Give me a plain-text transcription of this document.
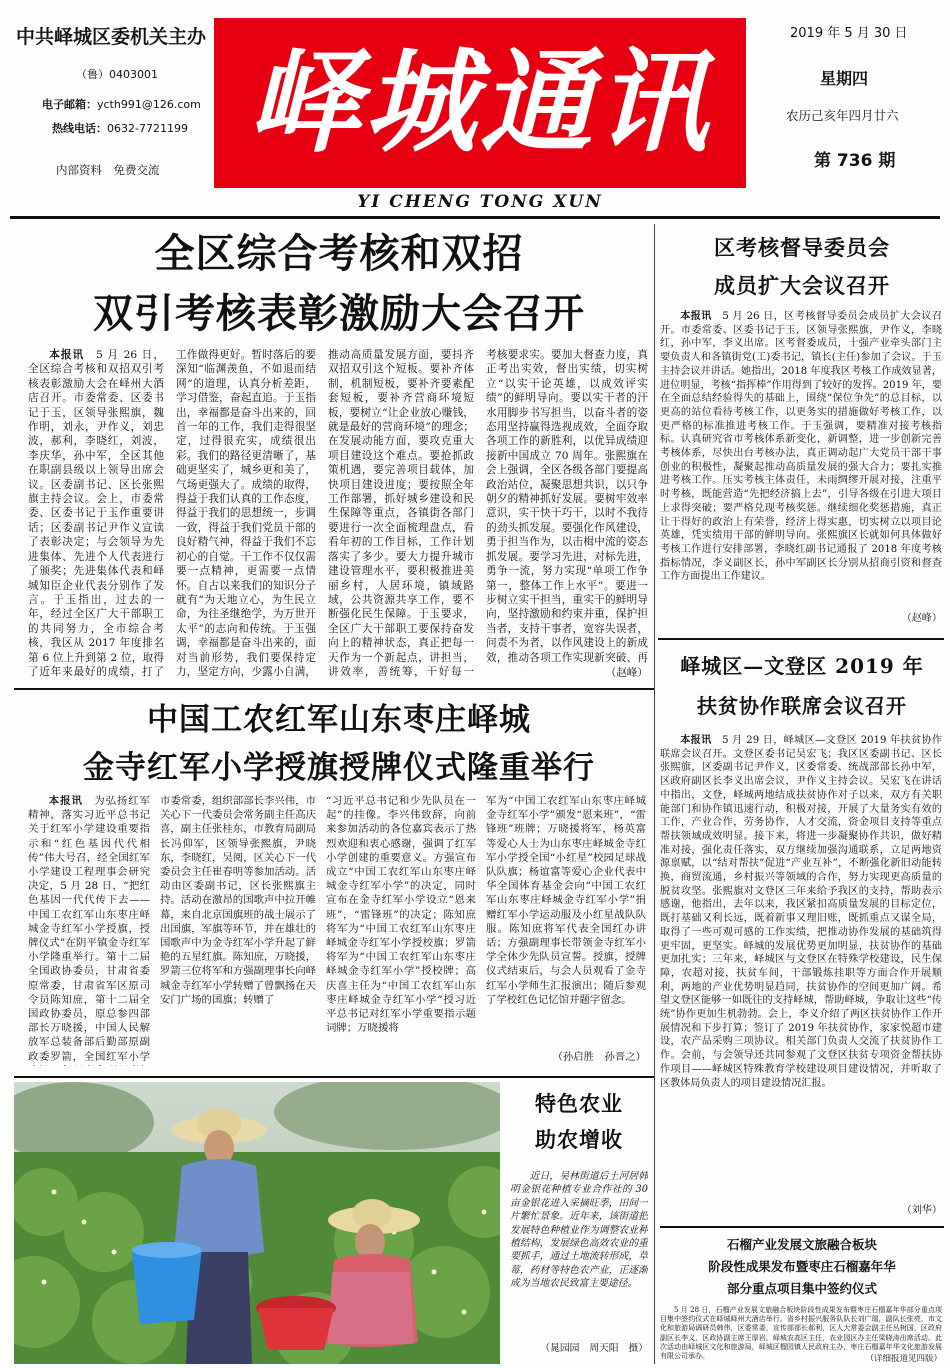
中共峄城区委机关主办
（鲁）0403001
电子邮箱：ycth991@126.com
热线电话：0632-7721199
内部资料　免费交流
峄城通讯
YI CHENG TONG XUN
2019 年 5 月 30 日
星期四
农历己亥年四月廿六
第 736 期
全区综合考核和双招
双引考核表彰激励大会召开

本报讯　 5 月 26 日，全区综合考核和双招双引考核表彰激励大会在峄州大酒店召开。市委常委、区委书记于玉，区领导张熙旗，魏作明，刘永，尹作义，刘忠波，郝利，李晓红，刘波，李庆华，孙中军，全区其他在职副县级以上领导出席会议。区委副书记、区长张熙旗主持会议。会上，市委常委、区委书记于玉作重要讲话；区委副书记尹作义宣读了表彰决定；与会领导为先进集体、先进个人代表进行了颁奖；先进集体代表和峄城知臣企业代表分别作了发言。于玉指出，过去的一年，经过全区广大干部职工的共同努力，全市综合考核，我区从 2017 年度排名第 6 位上升到第 2 位，取得了近年来最好的成绩，打了

工作做得更好。暂时落后的要深知“临渊羡鱼，不如退而结网”的道理，认真分析差距，学习借鉴，奋起直追。于玉指出，幸福都是奋斗出来的，回首一年的工作，我们走得很坚定，过得很充实，成绩很出彩。我们的路径更清晰了，基础更坚实了，城乡更和美了，气场更强大了。成绩的取得，得益于我们认真的工作态度，得益于我们的思想统一，步调一致，得益于我们党员干部的良好精气神，得益于我们不忘初心的自觉。干工作不仅仅需要一点精神，更需要一点情怀。自古以来我们的知识分子就有“为天地立心，为生民立命，为往圣继绝学，为万世开太平”的志向和传统。于玉强调，幸福都是奋斗出来的，面对当前形势，我们要保持定力，坚定方向，少露小自满，

推动高质量发展方面，要抖齐双招双引这个短板。要补齐体制，机制短板，要补齐要素配套短板，要补齐营商环境短板，要树立“让企业放心赚钱，就是最好的营商环境”的理念；在发展动能方面，要攻克重大项目建设这个难点。要抢抓政策机遇，要完善项目载体，加快项目建设进度；要按照全年工作部署，抓好城乡建设和民生保障等重点，各镇街各部门要进行一次全面梳理盘点，看看年初的工作目标，工作计划落实了多少。要大力提升城市建设管理水平，要积极推进美丽乡村，人居环境，镇域路域，公共资源共享工作，要不断强化民生保障。于玉要求，全区广大干部职工要保持奋发向上的精神状态，真正把每一天作为一个新起点，讲担当，讲效率，善统筹，干好每一

考核要求实。要加大督查力度，真正考出实效，督出实绩，切实树立“以实干论英雄，以成效评实绩”的鲜明导向。要以实干者的汗水用脚步书写担当，以奋斗者的姿态用坚持赢得选视成效，全面夺取各项工作的新胜利，以优异成绩迎接新中国成立 70 周年。张熙旗在会上强调，全区各级各部门要提高政治站位，凝聚思想共识，以只争朝夕的精神抓好发展。要树牢效率意识，实干快干巧干，以时不我待的劲头抓发展。要强化作风建设，勇于担当作为，以击楫中流的姿态抓发展。要学习先进，对标先进，勇争一流，努力实现“单项工作争第一，整体工作上水平”。要进一步树立实干担当，重实干的鲜明导向，坚持激励和约束并重，保护担当者，支持干事者，宽容失误者，问责不为者，以作风建设上的新成效，推动各项工作实现新突破、再

（赵峰）
区考核督导委员会
成员扩大会议召开

本报讯　 5 月 26 日，区考核督导委员会成员扩大会议召开。市委常委、区委书记于玉，区领导张熙旗，尹作义，李晓红，孙中军，李义出席。区考督委成员，十强产业牵头部门主要负责人和各镇街党(工)委书记，镇长(主任)参加了会议。于玉主持会议并讲话。她指出，2018 年度我区考核工作成效显著，进位明显，考核“指挥棒”作用得到了较好的发挥。2019 年，要在全面总结经验得失的基础上，围绕“保位争先”的总目标，以更高的站位看待考核工作，以更务实的措施做好考核工作，以更严格的标准推进考核工作。于玉强调，要精准对接考核指标。认真研究省市考核体系新变化，新调整，进一步创新完善考核体系，尽快出台考核办法，真正调动起广大党员干部干事创业的积极性，凝聚起推动高质量发展的强大合力；要扎实推进考核工作。压实考核主体责任，未雨绸缪开展对接，注重平时考核，既能营造“先把经济搞上去”，引导各级在引进大项目上求得突破；要严格兑现考核奖惩。继续细化奖惩措施，真正让干得好的政治上有荣誉，经济上得实惠，切实树立以项目论英雄，凭实绩用干部的鲜明导向。张熙旗区长就如何具体做好考核工作进行安排部署，李晓红副书记通报了 2018 年度考核指标情况，李义副区长，孙中军副区长分别从招商引资和督查工作方面提出工作建议。

（赵峰）
峄城区—文登区 2019 年
扶贫协作联席会议召开

本报讯　 5 月 29 日，峄城区—文登区 2019 年扶贫协作联席会议召开。文登区委书记吴宏飞；我区区委副书记、区长张熙旗，区委副书记尹作义，区委常委、统战部部长孙中军，区政府副区长李义出席会议，尹作义主持会议。吴宏飞在讲话中指出，文登，峄城两地结成扶贫协作对子以来，双方有关职能部门和协作镇迅速行动，积极对接，开展了大量务实有效的工作，产业合作，劳务协作，人才交流，资金项目支持等重点帮扶领域成效明显。接下来，将进一步凝聚协作共识，做好精准对接，强化责任落实，双方继续加强沟通联系，立足两地资源禀赋，以“结对帮扶”促进“产业互补”，不断强化新旧动能转换，商贸流通，乡村振兴等领域的合作，努力实现更高质量的脱贫攻坚。张熙旗对文登区三年来给予我区的支持，帮助表示感谢，他指出，去年以来，我区紧扣高质量发展的目标定位，既打基础又利长远，既着新事又理旧账，既抓重点又谋全局，取得了一些可观可感的工作实绩，把推动协作发展的基础筑得更牢固，更坚实。峄城的发展优势更加明显，扶贫协作的基础更加扎实；三年来，峄城区与文登区在特殊学校建设，民生保障，农超对接，扶贫车间，干部锻炼挂职等方面合作开展顺利，两地的产业优势明显趋同，扶贫协作的空间更加广阔。希望文登区能够一如既往的支持峄城，帮助峄城，争取让这些“传统”协作更加生机勃勃。会上，李义介绍了两区扶贫协作工作开展情况和下步打算；签订了 2019 年扶贫协作，家家悦超市建设，农产品采购三项协议。相关部门负责人交流了扶贫协作工作。会前，与会领导还共同参观了文登区扶贫专项资金帮扶协作项目——峄城区特殊教育学校建设项目建设情况，并听取了区教体局负责人的项目建设情况汇报。

（刘华）
中国工农红军山东枣庄峄城
金寺红军小学授旗授牌仪式隆重举行

本报讯　 为弘扬红军精神，落实习近平总书记关于红军小学建设重要指示和“红色基因代代相传”伟大号召，经全国红军小学建设工程理事会研究决定，5 月 28 日，“把红色基因一代代传下去——中国工农红军山东枣庄峄城金寺红军小学授旗，授牌仪式”在阴平镇金寺红军小学隆重举行。第十二届全国政协委员，甘肃省委原常委，甘肃省军区原司令员陈知庶，第十二届全国政协委员，原总参四部部长万晓援，中国人民解放军总装备部后勤部原副政委罗箭，全国红军小学

市委常委，组织部部长李兴伟，市关心下一代委员会常务副主任高庆喜，副主任张桂东，市教育局副局长冯仰军，区领导张熙旗，尹晓东，李晓红，吴阅，区关心下一代委员会主任崔春明等参加活动。活动由区委副书记，区长张熙旗主持。活动在激昂的国歌声中拉开帷幕，来自北京国旗班的战士展示了出国旗，军旗等环节，并在雄壮的国歌声中为金寺红军小学升起了鲜艳的五星红旗。陈知庶，万晓援，罗箭三位将军和方强副理事长向峄城金寺红军小学转赠了曾飘扬在天安门广场的国旗；转赠了

“习近平总书记和少先队员在一起”的挂像。李兴伟致辞，向前来参加活动的各位嘉宾表示了热烈欢迎和衷心感谢，强调了红军小学创建的重要意义。方强宣布成立“中国工农红军山东枣庄峄城金寺红军小学”的决定，同时宣布在金寺红军小学设立“恩来班”，“雷锋班”的决定；陈知庶将军为“中国工农红军山东枣庄峄城金寺红军小学授校旗；罗箭将军为“中国工农红军山东枣庄峄城金寺红军小学”授校牌；高庆喜主任为“中国工农红军山东枣庄峄城金寺红军小学”授习近平总书记对红军小学重要指示题词牌；万晓援将

军为“中国工农红军山东枣庄峄城金寺红军小学”颁发“恩来班”，“雷锋班”班牌；万晓援将军，杨英富等爱心人士为山东枣庄峄城金寺红军小学授全国“小红星”校园足球战队队旗；杨谊富等爱心企业代表中华全国体育基金会向“中国工农红军山东枣庄峄城金寺红军小学”捐赠红军小学运动服及小红星战队队服。陈知庶将军代表全国红办讲话；方强副理事长带领金寺红军小学全体少先队员宣誓。授旗，授牌仪式结束后，与会人员观看了金寺红军小学师生汇报演出；随后参观了学校红色记忆馆并题字留念。

（孙启胜　孙晋之）
特色农业
助农增收

近日，吴林街道后土河居韩明金银花种植专业合作社的 30 亩金银花进入采摘旺季，田间一片繁忙景象。近年来，该街道把发展特色种植业作为调整农业种植结构，发展绿色高效农业的重要抓手，通过土地流转形成，草莓，药材等特色农产业，正逐渐成为当地农民致富主要途径。

（晁园园　周天阳　摄）
石榴产业发展文旅融合板块
阶段性成果发布暨枣庄石榴嘉年华
部分重点项目集中签约仪式

5 月 28 日，石榴产业发展文旅融合板块阶段性成果发布暨枣庄石榴嘉年华部分重点项目集中签约仪式在峄城峄州大酒店举行。省乡村振兴服务队队长刘广瑞，副队长张亮，市文化和旅游局调研员韩伟，区委常委，宣传部部长郝利，区人大常委会副主任丛树国，区政府副区长李义，区政协副主席王厚岩，峄城农高区主任，农业园区办主任梁晓涛出席活动。此次活动由峄城区文化和旅游局，峄城区榴园镇人民政府主办，枣庄石榴嘉年华文化旅游发展有限公司承办。	（详细报道见四版）
